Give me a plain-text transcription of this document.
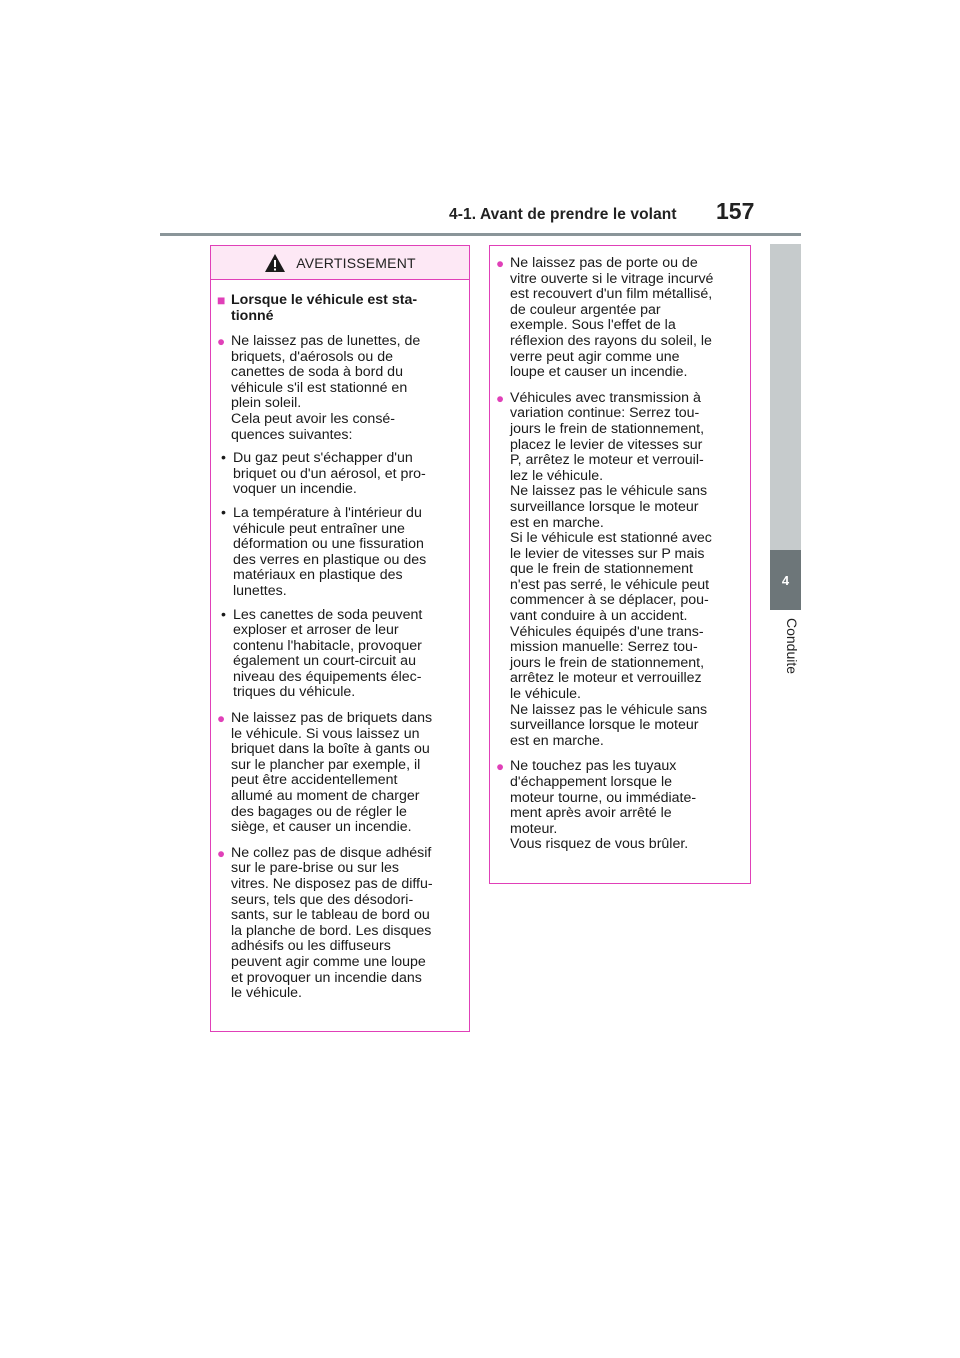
4-1. Avant de prendre le volant 157
4
Conduite
AVERTISSEMENT
■ Lorsque le véhicule est sta-
tionné
● Ne laissez pas de lunettes, de
briquets, d'aérosols ou de
canettes de soda à bord du
véhicule s'il est stationné en
plein soleil.
Cela peut avoir les consé-
quences suivantes:
• Du gaz peut s'échapper d'un
briquet ou d'un aérosol, et pro-
voquer un incendie.
• La température à l'intérieur du
véhicule peut entraîner une
déformation ou une fissuration
des verres en plastique ou des
matériaux en plastique des
lunettes.
• Les canettes de soda peuvent
exploser et arroser de leur
contenu l'habitacle, provoquer
également un court-circuit au
niveau des équipements élec-
triques du véhicule.
● Ne laissez pas de briquets dans
le véhicule. Si vous laissez un
briquet dans la boîte à gants ou
sur le plancher par exemple, il
peut être accidentellement
allumé au moment de charger
des bagages ou de régler le
siège, et causer un incendie.
● Ne collez pas de disque adhésif
sur le pare-brise ou sur les
vitres. Ne disposez pas de diffu-
seurs, tels que des désodori-
sants, sur le tableau de bord ou
la planche de bord. Les disques
adhésifs ou les diffuseurs
peuvent agir comme une loupe
et provoquer un incendie dans
le véhicule.
● Ne laissez pas de porte ou de
vitre ouverte si le vitrage incurvé
est recouvert d'un film métallisé,
de couleur argentée par
exemple. Sous l'effet de la
réflexion des rayons du soleil, le
verre peut agir comme une
loupe et causer un incendie.
● Véhicules avec transmission à
variation continue: Serrez tou-
jours le frein de stationnement,
placez le levier de vitesses sur
P, arrêtez le moteur et verrouil-
lez le véhicule.
Ne laissez pas le véhicule sans
surveillance lorsque le moteur
est en marche.
Si le véhicule est stationné avec
le levier de vitesses sur P mais
que le frein de stationnement
n'est pas serré, le véhicule peut
commencer à se déplacer, pou-
vant conduire à un accident.
Véhicules équipés d'une trans-
mission manuelle: Serrez tou-
jours le frein de stationnement,
arrêtez le moteur et verrouillez
le véhicule.
Ne laissez pas le véhicule sans
surveillance lorsque le moteur
est en marche.
● Ne touchez pas les tuyaux
d'échappement lorsque le
moteur tourne, ou immédiate-
ment après avoir arrêté le
moteur.
Vous risquez de vous brûler.
